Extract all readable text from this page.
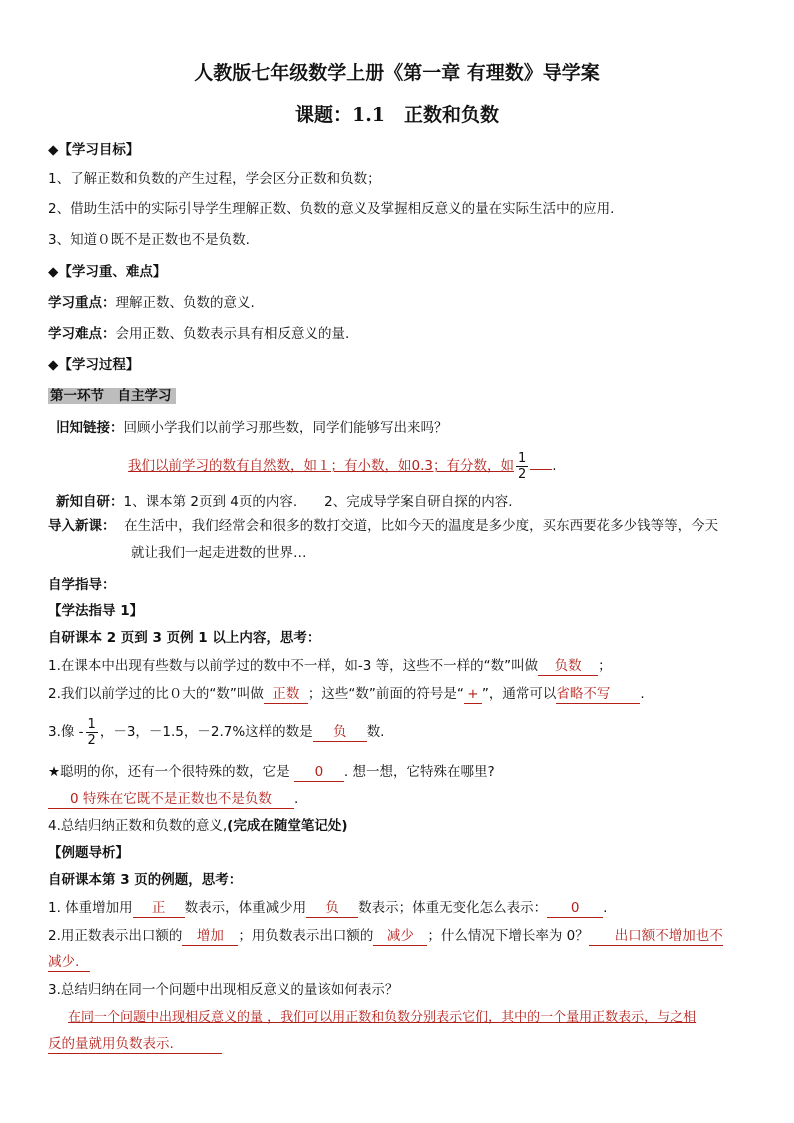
人教版七年级数学上册《第一章 有理数》导学案
课题：1.1　正数和负数
◆【学习目标】
1、了解正数和负数的产生过程，学会区分正数和负数；
2、借助生活中的实际引导学生理解正数、负数的意义及掌握相反意义的量在实际生活中的应用.
3、知道０既不是正数也不是负数.
◆【学习重、难点】
学习重点：理解正数、负数的意义.
学习难点：会用正数、负数表示具有相反意义的量.
◆【学习过程】
第一环节　自主学习
旧知链接：回顾小学我们以前学习那些数，同学们能够写出来吗？
我们以前学习的数有自然数，如１；有小数，如0.3；有分数，如 $\frac{1}{2}$ .
新知自研：1、课本第 2页到 4页的内容.　　2、完成导学案自研自探的内容.
导入新课： 在生活中，我们经常会和很多的数打交道，比如今天的温度是多少度，买东西要花多少钱等等，今天
就让我们一起走进数的世界…
自学指导：
【学法指导 1】
自研课本 2 页到 3 页例 1 以上内容，思考：
1.在课本中出现有些数与以前学过的数中不一样，如-3 等，这些不一样的“数”叫做 负数 ；
2.我们以前学过的比０大的“数”叫做 正数 ；这些“数”前面的符号是“ + ”，通常可以省略不写 .
3.像 - $\frac{1}{2}$ ，－3，－1.5，－2.7%这样的数是 负 数.
★聪明的你，还有一个很特殊的数，它是 0 . 想一想，它特殊在哪里?
0 特殊在它既不是正数也不是负数 .
4.总结归纳正数和负数的意义,(完成在随堂笔记处)
【例题导析】
自研课本第 3 页的例题，思考：
1. 体重增加用 正 数表示，体重减少用 负 数表示；体重无变化怎么表示： 0 .
2.用正数表示出口额的 增加 ；用负数表示出口额的 减少 ；什么情况下增长率为 0？ 出口额不增加也不
减少.
3.总结归纳在同一个问题中出现相反意义的量该如何表示？
在同一个问题中出现相反意义的量 ，我们可以用正数和负数分别表示它们，其中的一个量用正数表示，与之相
反的量就用负数表示.
